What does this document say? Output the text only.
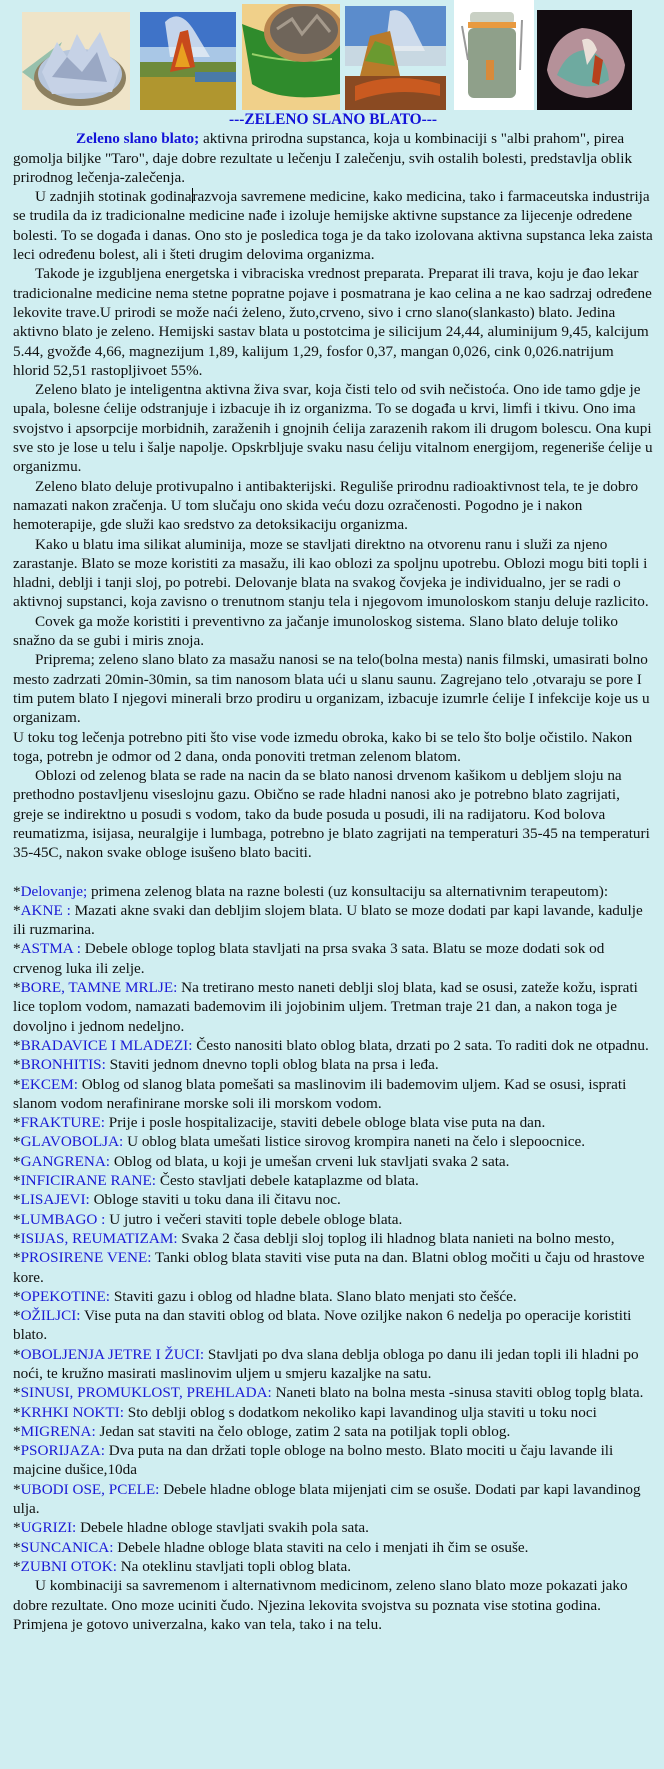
---ZELENO SLANO BLATO---

Zeleno slano blato; aktivna prirodna supstanca, koja u kombinaciji s "albi prahom", pirea gomolja biljke "Taro", daje dobre rezultate u lečenju I zalečenju, svih ostalih bolesti, predstavlja oblik prirodnog lečenja-zalečenja.

U zadnjih stotinak godinarazvoja savremene medicine, kako medicina, tako i farmaceutska industrija se trudila da iz tradicionalne medicine nađe i izoluje hemijske aktivne supstance za lijecenje odredene bolesti. To se događa i danas. Ono sto je posledica toga je da tako izolovana aktivna supstanca leka zaista leci određenu bolest, ali i šteti drugim delovima organizma.

Takode je izgubljena energetska i vibraciska vrednost preparata. Preparat ili trava, koju je đao lekar tradicionalne medicine nema stetne popratne pojave i posmatrana je kao celina a ne kao sadrzaj određene lekovite trave.U prirodi se može naći żeleno, žuto,crveno, sivo i crno slano(slankasto) blato. Jedina aktivno blato je zeleno. Hemijski sastav blata u postotcima je silicijum 24,44, aluminijum 9,45, kalcijum 5.44, gvožđe 4,66, magnezijum 1,89, kalijum 1,29, fosfor 0,37, mangan 0,026, cink 0,026.natrijum hlorid 52,51 rastopljivoet 55%.

Zeleno blato je inteligentna aktivna živa svar, koja čisti telo od svih nečistoća. Ono ide tamo gdje je upala, bolesne ćelije odstranjuje i izbacuje ih iz organizma. To se događa u krvi, limfi i tkivu. Ono ima svojstvo i apsorpcije morbidnih, zaraženih i gnojnih ćelija zarazenih rakom ili drugom bolescu. Ona kupi sve sto je lose u telu i šalje napolje. Opskrbljuje svaku nasu ćeliju vitalnom energijom, regeneriše ćelije u organizmu.

Zeleno blato deluje protivupalno i antibakterijski. Reguliše prirodnu radioaktivnost tela, te je dobro namazati nakon zračenja. U tom slučaju ono skida veću dozu ozračenosti. Pogodno je i nakon hemoterapije, gde služi kao sredstvo za detoksikaciju organizma.

Kako u blatu ima silikat aluminija, moze se stavljati direktno na otvorenu ranu i služi za njeno zarastanje. Blato se moze koristiti za masažu, ili kao oblozi za spoljnu upotrebu. Oblozi mogu biti topli i hladni, deblji i tanji sloj, po potrebi. Delovanje blata na svakog čovjeka je individualno, jer se radi o aktivnoj supstanci, koja zavisno o trenutnom stanju tela i njegovom imunoloskom stanju deluje razlicito.

Covek ga može koristiti i preventivno za jačanje imunoloskog sistema. Slano blato deluje toliko snažno da se gubi i miris znoja.

Priprema; zeleno slano blato za masažu nanosi se na telo(bolna mesta) nanis filmski, umasirati bolno mesto zadrzati 20min-30min, sa tim nanosom blata ući u slanu saunu. Zagrejano telo ,otvaraju se pore I tim putem blato I njegovi minerali brzo prodiru u organizam, izbacuje izumrle ćelije I infekcije koje us u organizam.

U toku tog lečenja potrebno piti što vise vode izmedu obroka, kako bi se telo što bolje očistilo. Nakon toga, potrebn je odmor od 2 dana, onda ponoviti tretman zelenom blatom.

Oblozi od zelenog blata se rade na nacin da se blato nanosi drvenom kašikom u debljem sloju na prethodno postavljenu viseslojnu gazu. Obično se rade hladni nanosi ako je potrebno blato zagrijati, greje se indirektno u posudi s vodom, tako da bude posuda u posudi, ili na radijatoru. Kod bolova reumatizma, isijasa, neuralgije i lumbaga, potrebno je blato zagrijati na temperaturi 35-45 na temperaturi 35-45C, nakon svake obloge isušeno blato baciti.

*Delovanje; primena zelenog blata na razne bolesti (uz konsultaciju sa alternativnim terapeutom):

*AKNE : Mazati akne svaki dan debljim slojem blata. U blato se moze dodati par kapi lavande, kadulje ili ruzmarina.

*ASTMA : Debele obloge toplog blata stavljati na prsa svaka 3 sata. Blatu se moze dodati sok od crvenog luka ili zelje.

*BORE, TAMNE MRLJE: Na tretirano mesto naneti deblji sloj blata, kad se osusi, zateže kožu, isprati lice toplom vodom, namazati bademovim ili jojobinim uljem. Tretman traje 21 dan, a nakon toga je dovoljno i jednom nedeljno.

*BRADAVICE I MLADEZI: Često nanositi blato oblog blata, drzati po 2 sata. To raditi dok ne otpadnu.

*BRONHITIS: Staviti jednom dnevno topli oblog blata na prsa i leđa.

*EKCEM: Oblog od slanog blata pomešati sa maslinovim ili bademovim uljem. Kad se osusi, isprati slanom vodom nerafinirane morske soli ili morskom vodom.

*FRAKTURE: Prije i posle hospitalizacije, staviti debele obloge blata vise puta na dan.

*GLAVOBOLJA: U oblog blata umešati listice sirovog krompira naneti na čelo i slepoocnice.

*GANGRENA: Oblog od blata, u koji je umešan crveni luk stavljati svaka 2 sata.

*INFICIRANE RANE: Često stavljati debele kataplazme od blata.

*LISAJEVI: Obloge staviti u toku dana ili čitavu noc.

*LUMBAGO : U jutro i večeri staviti tople debele obloge blata.

*ISIJAS, REUMATIZAM: Svaka 2 časa deblji sloj toplog ili hladnog blata nanieti na bolno mesto,

*PROSIRENE VENE: Tanki oblog blata staviti vise puta na dan. Blatni oblog močiti u čaju od hrastove kore.

*OPEKOTINE: Staviti gazu i oblog od hladne blata. Slano blato menjati sto češće.

*OŽILJCI: Vise puta na dan staviti oblog od blata. Nove oziljke nakon 6 nedelja po operacije koristiti blato.

*OBOLJENJA JETRE I ŽUCI: Stavljati po dva slana deblja obloga po danu ili jedan topli ili hladni po noći, te kružno masirati maslinovim uljem u smjeru kazaljke na satu.

*SINUSI, PROMUKLOST, PREHLADA: Naneti blato na bolna mesta -sinusa staviti oblog toplg blata.

*KRHKI NOKTI: Sto deblji oblog s dodatkom nekoliko kapi lavandinog ulja staviti u toku noci

*MIGRENA: Jedan sat staviti na čelo obloge, zatim 2 sata na potiljak topli oblog.

*PSORIJAZA: Dva puta na dan držati tople obloge na bolno mesto. Blato mociti u čaju lavande ili majcine dušice,10da

*UBODI OSE, PCELE: Debele hladne obloge blata mijenjati cim se osuše. Dodati par kapi lavandinog ulja.

*UGRIZI: Debele hladne obloge stavljati svakih pola sata.

*SUNCANICA: Debele hladne obloge blata staviti na celo i menjati ih čim se osuše.

*ZUBNI OTOK: Na oteklinu stavljati topli oblog blata.

U kombinaciji sa savremenom i alternativnom medicinom, zeleno slano blato moze pokazati jako dobre rezultate. Ono moze uciniti čudo. Njezina lekovita svojstva su poznata vise stotina godina. Primjena je gotovo univerzalna, kako van tela, tako i na telu.
